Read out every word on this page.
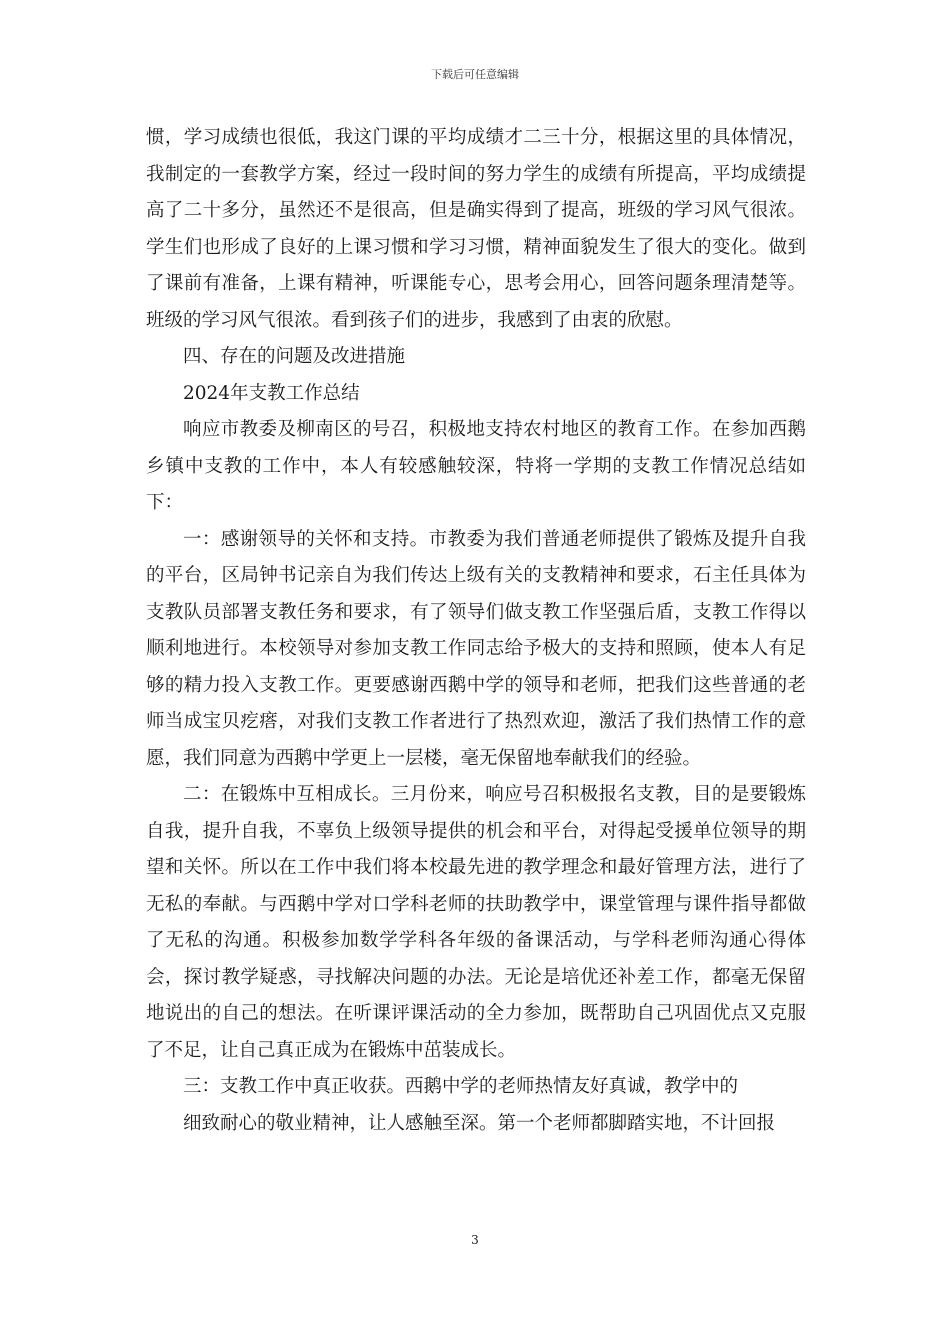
下载后可任意编辑

惯，学习成绩也很低，我这门课的平均成绩才二三十分，根据这里的具体情况，我制定的一套教学方案，经过一段时间的努力学生的成绩有所提高，平均成绩提高了二十多分，虽然还不是很高，但是确实得到了提高，班级的学习风气很浓。学生们也形成了良好的上课习惯和学习习惯，精神面貌发生了很大的变化。做到了课前有准备，上课有精神，听课能专心，思考会用心，回答问题条理清楚等。班级的学习风气很浓。看到孩子们的进步，我感到了由衷的欣慰。

四、存在的问题及改进措施

2024年支教工作总结

响应市教委及柳南区的号召，积极地支持农村地区的教育工作。在参加西鹅乡镇中支教的工作中，本人有较感触较深，特将一学期的支教工作情况总结如下：

一：感谢领导的关怀和支持。市教委为我们普通老师提供了锻炼及提升自我的平台，区局钟书记亲自为我们传达上级有关的支教精神和要求，石主任具体为支教队员部署支教任务和要求，有了领导们做支教工作坚强后盾，支教工作得以顺利地进行。本校领导对参加支教工作同志给予极大的支持和照顾，使本人有足够的精力投入支教工作。更要感谢西鹅中学的领导和老师，把我们这些普通的老师当成宝贝疙瘩，对我们支教工作者进行了热烈欢迎，激活了我们热情工作的意愿，我们同意为西鹅中学更上一层楼，毫无保留地奉献我们的经验。

二：在锻炼中互相成长。三月份来，响应号召积极报名支教，目的是要锻炼自我，提升自我，不辜负上级领导提供的机会和平台，对得起受援单位领导的期望和关怀。所以在工作中我们将本校最先进的教学理念和最好管理方法，进行了无私的奉献。与西鹅中学对口学科老师的扶助教学中，课堂管理与课件指导都做了无私的沟通。积极参加数学学科各年级的备课活动，与学科老师沟通心得体会，探讨教学疑惑，寻找解决问题的办法。无论是培优还补差工作，都毫无保留地说出的自己的想法。在听课评课活动的全力参加，既帮助自己巩固优点又克服了不足，让自己真正成为在锻炼中茁装成长。

三：支教工作中真正收获。西鹅中学的老师热情友好真诚，教学中的

细致耐心的敬业精神，让人感触至深。第一个老师都脚踏实地，不计回报

3
